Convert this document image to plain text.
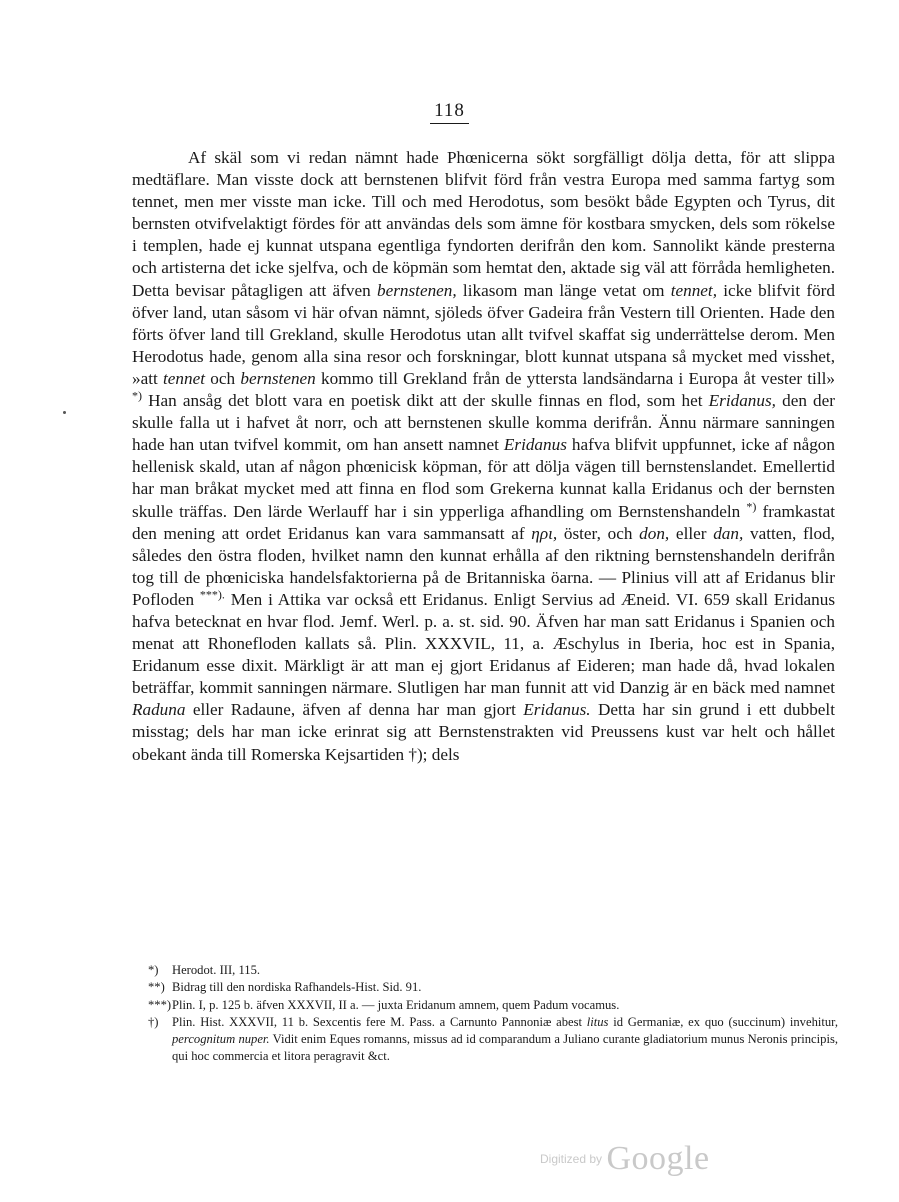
118
Af skäl som vi redan nämnt hade Phœnicerna sökt sorgfälligt dölja detta, för att slippa medtäflare. Man visste dock att bernstenen blifvit förd från vestra Europa med samma fartyg som tennet, men mer visste man icke. Till och med Herodotus, som besökt både Egypten och Tyrus, dit bernsten otvifvelaktigt fördes för att användas dels som ämne för kostbara smycken, dels som rökelse i templen, hade ej kunnat utspana egentliga fyndorten derifrån den kom. Sannolikt kände presterna och artisterna det icke sjelfva, och de köpmän som hemtat den, aktade sig väl att förråda hemligheten. Detta bevisar påtagligen att äfven bernstenen, likasom man länge vetat om tennet, icke blifvit förd öfver land, utan såsom vi här ofvan nämnt, sjöleds öfver Gadeira från Vestern till Orienten. Hade den förts öfver land till Grekland, skulle Herodotus utan allt tvifvel skaffat sig underrättelse derom. Men Herodotus hade, genom alla sina resor och forskningar, blott kunnat utspana så mycket med visshet, »att tennet och bernstenen kommo till Grekland från de yttersta landsändarna i Europa åt vester till» *) Han ansåg det blott vara en poetisk dikt att der skulle finnas en flod, som het Eridanus, den der skulle falla ut i hafvet åt norr, och att bernstenen skulle komma derifrån. Ännu närmare sanningen hade han utan tvifvel kommit, om han ansett namnet Eridanus hafva blifvit uppfunnet, icke af någon hellenisk skald, utan af någon phœnicisk köpman, för att dölja vägen till bernstenslandet. Emellertid har man bråkat mycket med att finna en flod som Grekerna kunnat kalla Eridanus och der bernsten skulle träffas. Den lärde Werlauff har i sin ypperliga afhandling om Bernstenshandeln *) framkastat den mening att ordet Eridanus kan vara sammansatt af ηρι, öster, och don, eller dan, vatten, flod, således den östra floden, hvilket namn den kunnat erhålla af den riktning bernstenshandeln derifrån tog till de phœniciska handelsfaktorierna på de Britanniska öarna. — Plinius vill att af Eridanus blir Pofloden ***). Men i Attika var också ett Eridanus. Enligt Servius ad Æneid. VI. 659 skall Eridanus hafva betecknat en hvar flod. Jemf. Werl. p. a. st. sid. 90. Äfven har man satt Eridanus i Spanien och menat att Rhonefloden kallats så. Plin. XXXVIL, 11, a. Æschylus in Iberia, hoc est in Spania, Eridanum esse dixit. Märkligt är att man ej gjort Eridanus af Eideren; man hade då, hvad lokalen beträffar, kommit sanningen närmare. Slutligen har man funnit att vid Danzig är en bäck med namnet Raduna eller Radaune, äfven af denna har man gjort Eridanus. Detta har sin grund i ett dubbelt misstag; dels har man icke erinrat sig att Bernstenstrakten vid Preussens kust var helt och hållet obekant ända till Romerska Kejsartiden †); dels
*)	Herodot. III, 115.
**) Bidrag till den nordiska Rafhandels-Hist. Sid. 91.
***) Plin. I, p. 125 b. äfven XXXVII, II a. — juxta Eridanum amnem, quem Padum vocamus.
†)	Plin. Hist. XXXVII, 11 b. Sexcentis fere M. Pass. a Carnunto Pannoniæ abest litus id Germaniæ, ex quo (succinum) invehitur, percognitum nuper. Vidit enim Eques romanns, missus ad id comparandum a Juliano curante gladiatorium munus Neronis principis, qui hoc commercia et litora peragravit &ct.
$^{Digitized by}$ Google
